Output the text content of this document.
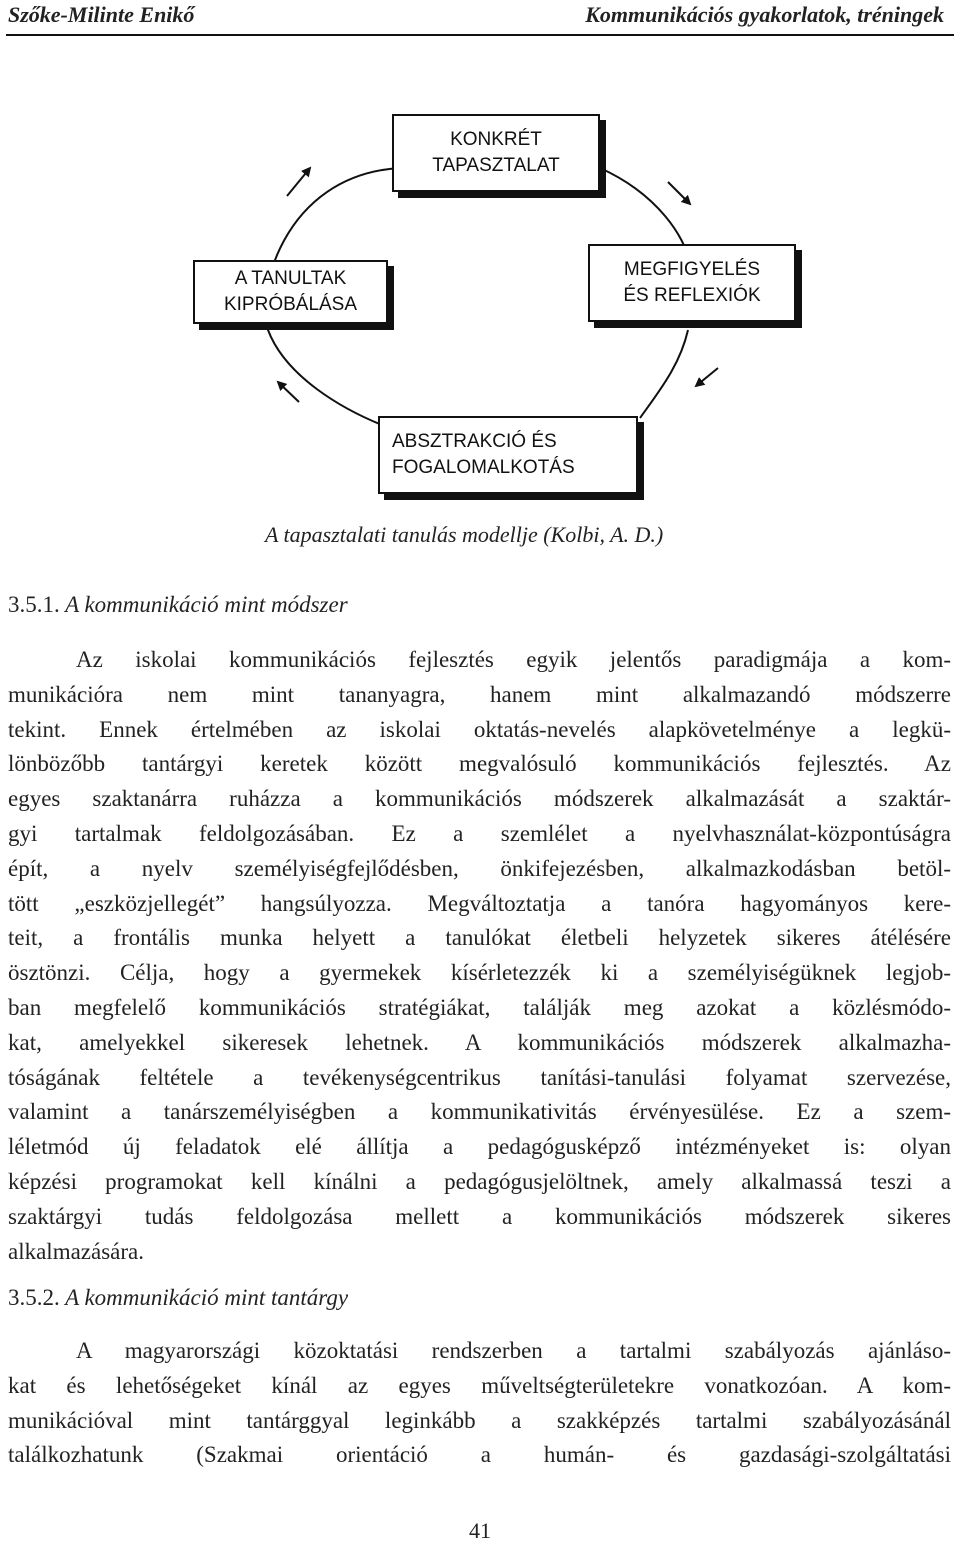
Szőke-Milinte Enikő	Kommunikációs gyakorlatok, tréningek
KONKRÉT
TAPASZTALAT
A TANULTAK
KIPRÓBÁLÁSA
MEGFIGYELÉS
ÉS REFLEXIÓK
ABSZTRAKCIÓ ÉS
FOGALOMALKOTÁS
A tapasztalati tanulás modellje (Kolbi, A. D.)
3.5.1. A kommunikáció mint módszer
Az iskolai kommunikációs fejlesztés egyik jelentős paradigmája a kom-
munikációra nem mint tananyagra, hanem mint alkalmazandó módszerre
tekint. Ennek értelmében az iskolai oktatás-nevelés alapkövetelménye a legkü-
lönbözőbb tantárgyi keretek között megvalósuló kommunikációs fejlesztés. Az
egyes szaktanárra ruházza a kommunikációs módszerek alkalmazását a szaktár-
gyi tartalmak feldolgozásában. Ez a szemlélet a nyelvhasználat-központúságra
épít, a nyelv személyiségfejlődésben, önkifejezésben, alkalmazkodásban betöl-
tött „eszközjellegét” hangsúlyozza. Megváltoztatja a tanóra hagyományos kere-
teit, a frontális munka helyett a tanulókat életbeli helyzetek sikeres átélésére
ösztönzi. Célja, hogy a gyermekek kísérletezzék ki a személyiségüknek legjob-
ban megfelelő kommunikációs stratégiákat, találják meg azokat a közlésmódo-
kat, amelyekkel sikeresek lehetnek. A kommunikációs módszerek alkalmazha-
tóságának feltétele a tevékenységcentrikus tanítási-tanulási folyamat szervezése,
valamint a tanárszemélyiségben a kommunikativitás érvényesülése. Ez a szem-
léletmód új feladatok elé állítja a pedagógusképző intézményeket is: olyan
képzési programokat kell kínálni a pedagógusjelöltnek, amely alkalmassá teszi a
szaktárgyi tudás feldolgozása mellett a kommunikációs módszerek sikeres
alkalmazására.
3.5.2. A kommunikáció mint tantárgy
A magyarországi közoktatási rendszerben a tartalmi szabályozás ajánláso-
kat és lehetőségeket kínál az egyes műveltségterületekre vonatkozóan. A kom-
munikációval mint tantárggyal leginkább a szakképzés tartalmi szabályozásánál
találkozhatunk (Szakmai orientáció a humán- és gazdasági-szolgáltatási
41
